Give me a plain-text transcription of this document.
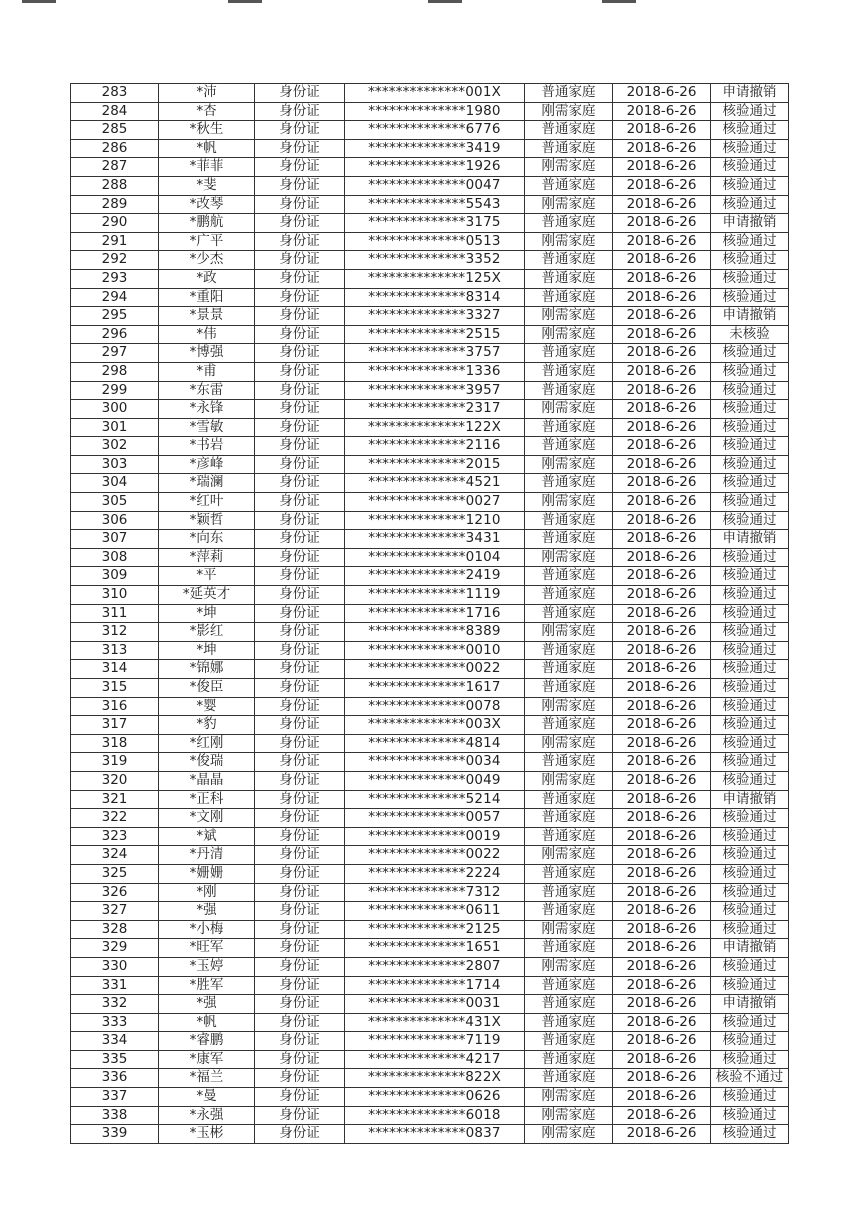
283	*沛	身份证	**************001X	普通家庭	2018-6-26	申请撤销
284	*杏	身份证	**************1980	刚需家庭	2018-6-26	核验通过
285	*秋生	身份证	**************6776	普通家庭	2018-6-26	核验通过
286	*帆	身份证	**************3419	普通家庭	2018-6-26	核验通过
287	*菲菲	身份证	**************1926	刚需家庭	2018-6-26	核验通过
288	*斐	身份证	**************0047	普通家庭	2018-6-26	核验通过
289	*改琴	身份证	**************5543	刚需家庭	2018-6-26	核验通过
290	*鹏航	身份证	**************3175	普通家庭	2018-6-26	申请撤销
291	*广平	身份证	**************0513	刚需家庭	2018-6-26	核验通过
292	*少杰	身份证	**************3352	普通家庭	2018-6-26	核验通过
293	*政	身份证	**************125X	普通家庭	2018-6-26	核验通过
294	*重阳	身份证	**************8314	普通家庭	2018-6-26	核验通过
295	*景景	身份证	**************3327	刚需家庭	2018-6-26	申请撤销
296	*伟	身份证	**************2515	刚需家庭	2018-6-26	未核验
297	*博强	身份证	**************3757	普通家庭	2018-6-26	核验通过
298	*甫	身份证	**************1336	普通家庭	2018-6-26	核验通过
299	*东雷	身份证	**************3957	普通家庭	2018-6-26	核验通过
300	*永锋	身份证	**************2317	刚需家庭	2018-6-26	核验通过
301	*雪敏	身份证	**************122X	普通家庭	2018-6-26	核验通过
302	*书岩	身份证	**************2116	普通家庭	2018-6-26	核验通过
303	*彦峰	身份证	**************2015	刚需家庭	2018-6-26	核验通过
304	*瑞澜	身份证	**************4521	普通家庭	2018-6-26	核验通过
305	*红叶	身份证	**************0027	刚需家庭	2018-6-26	核验通过
306	*颖哲	身份证	**************1210	普通家庭	2018-6-26	核验通过
307	*向东	身份证	**************3431	普通家庭	2018-6-26	申请撤销
308	*萍莉	身份证	**************0104	刚需家庭	2018-6-26	核验通过
309	*平	身份证	**************2419	普通家庭	2018-6-26	核验通过
310	*延英才	身份证	**************1119	普通家庭	2018-6-26	核验通过
311	*坤	身份证	**************1716	普通家庭	2018-6-26	核验通过
312	*影红	身份证	**************8389	刚需家庭	2018-6-26	核验通过
313	*坤	身份证	**************0010	普通家庭	2018-6-26	核验通过
314	*锦娜	身份证	**************0022	普通家庭	2018-6-26	核验通过
315	*俊臣	身份证	**************1617	普通家庭	2018-6-26	核验通过
316	*婴	身份证	**************0078	刚需家庭	2018-6-26	核验通过
317	*豹	身份证	**************003X	普通家庭	2018-6-26	核验通过
318	*红刚	身份证	**************4814	刚需家庭	2018-6-26	核验通过
319	*俊瑞	身份证	**************0034	普通家庭	2018-6-26	核验通过
320	*晶晶	身份证	**************0049	刚需家庭	2018-6-26	核验通过
321	*正科	身份证	**************5214	普通家庭	2018-6-26	申请撤销
322	*文刚	身份证	**************0057	普通家庭	2018-6-26	核验通过
323	*斌	身份证	**************0019	普通家庭	2018-6-26	核验通过
324	*丹清	身份证	**************0022	刚需家庭	2018-6-26	核验通过
325	*姗姗	身份证	**************2224	普通家庭	2018-6-26	核验通过
326	*刚	身份证	**************7312	普通家庭	2018-6-26	核验通过
327	*强	身份证	**************0611	普通家庭	2018-6-26	核验通过
328	*小梅	身份证	**************2125	刚需家庭	2018-6-26	核验通过
329	*旺军	身份证	**************1651	普通家庭	2018-6-26	申请撤销
330	*玉婷	身份证	**************2807	刚需家庭	2018-6-26	核验通过
331	*胜军	身份证	**************1714	普通家庭	2018-6-26	核验通过
332	*强	身份证	**************0031	普通家庭	2018-6-26	申请撤销
333	*帆	身份证	**************431X	普通家庭	2018-6-26	核验通过
334	*睿鹏	身份证	**************7119	普通家庭	2018-6-26	核验通过
335	*康军	身份证	**************4217	普通家庭	2018-6-26	核验通过
336	*福兰	身份证	**************822X	普通家庭	2018-6-26	核验不通过
337	*曼	身份证	**************0626	刚需家庭	2018-6-26	核验通过
338	*永强	身份证	**************6018	刚需家庭	2018-6-26	核验通过
339	*玉彬	身份证	**************0837	刚需家庭	2018-6-26	核验通过
